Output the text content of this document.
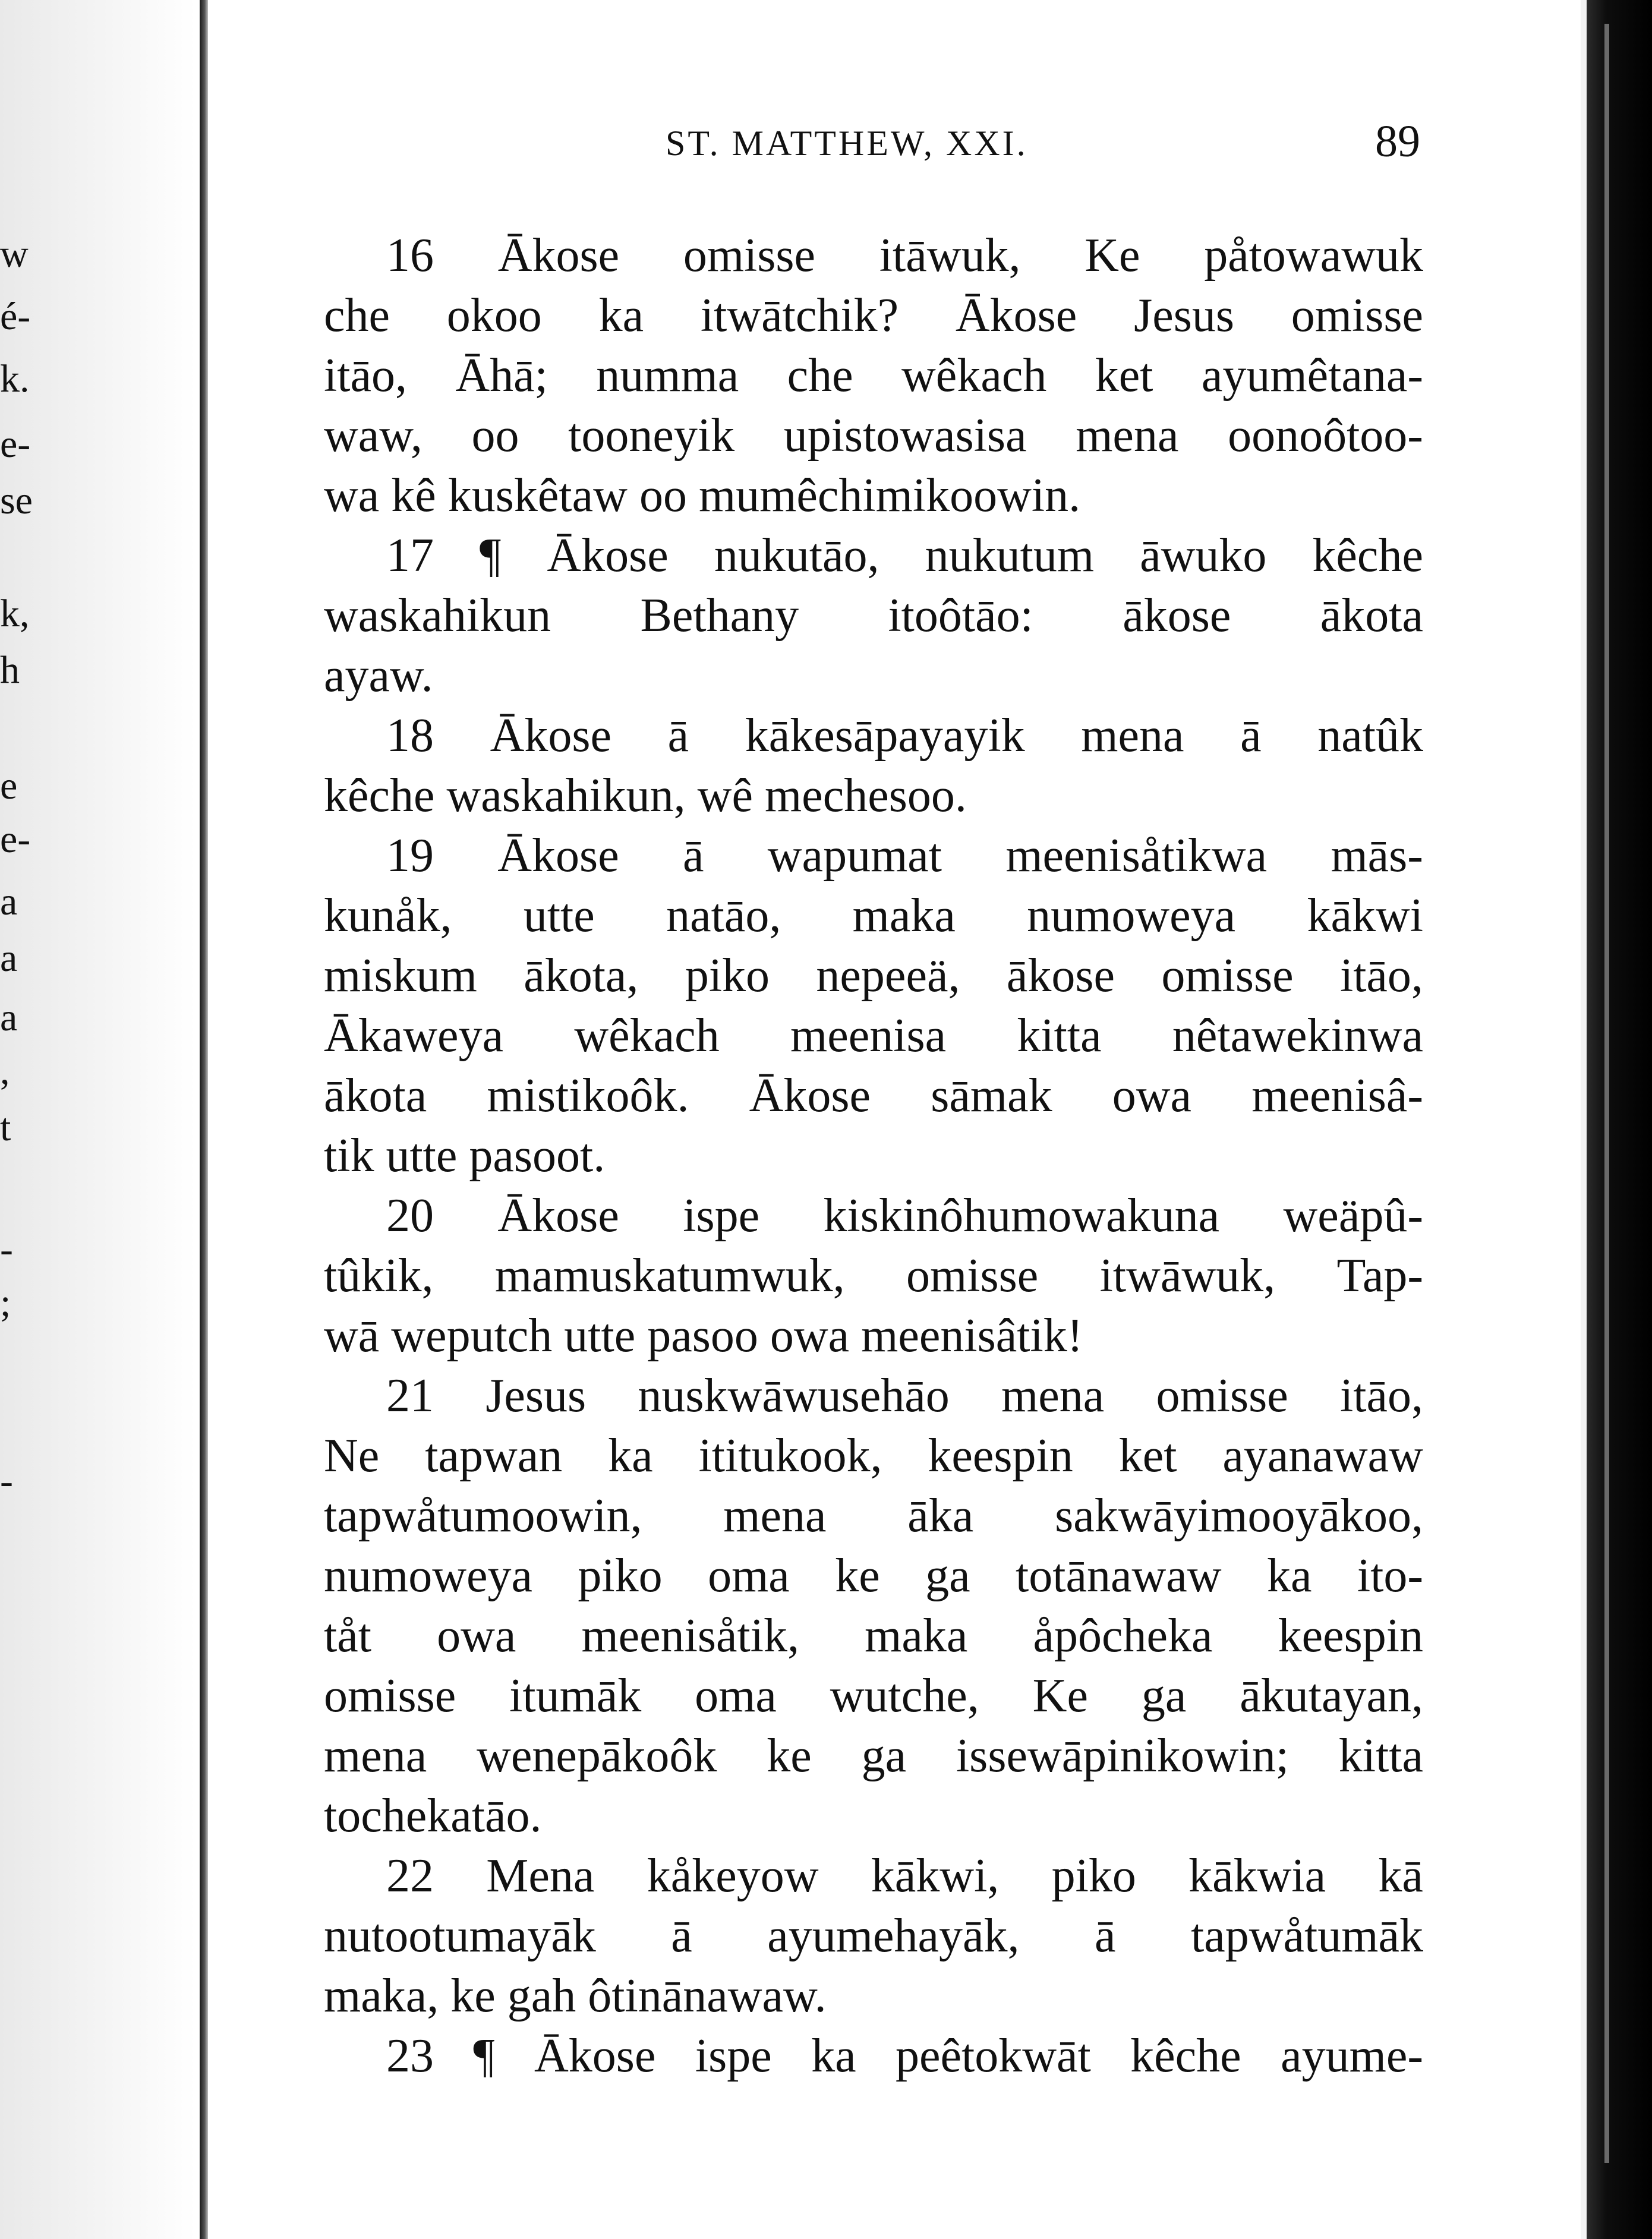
w
é-
k.
e-
se
k,
h
e
e-
a
a
a
,
t
-
;
-
ST. MATTHEW, XXI.	89
16 Ākose omisse itāwuk, Ke påtowawuk
che okoo ka itwātchik? Ākose Jesus omisse
itāo, Āhā; numma che wêkach ket ayumêtana-
waw, oo tooneyik upistowasisa mena oonoôtoo-
wa kê kuskêtaw oo mumêchimikoowin.
17 ¶ Ākose nukutāo, nukutum āwuko kêche
waskahikun Bethany itoôtāo: ākose ākota
ayaw.
18 Ākose ā kākesāpayayik mena ā natûk
kêche waskahikun, wê mechesoo.
19 Ākose ā wapumat meenisåtikwa mās-
kunåk, utte natāo, maka numoweya kākwi
miskum ākota, piko nepeeä, ākose omisse itāo,
Ākaweya wêkach meenisa kitta nêtawekinwa
ākota mistikoôk. Ākose sāmak owa meenisâ-
tik utte pasoot.
20 Ākose ispe kiskinôhumowakuna weäpû-
tûkik, mamuskatumwuk, omisse itwāwuk, Tap-
wā weputch utte pasoo owa meenisâtik!
21 Jesus nuskwāwusehāo mena omisse itāo,
Ne tapwan ka ititukook, keespin ket ayanawaw
tapwåtumoowin, mena āka sakwāyimooyākoo,
numoweya piko oma ke ga totānawaw ka ito-
tåt owa meenisåtik, maka åpôcheka keespin
omisse itumāk oma wutche, Ke ga ākutayan,
mena wenepākoôk ke ga issewāpinikowin; kitta
tochekatāo.
22 Mena kåkeyow kākwi, piko kākwia kā
nutootumayāk ā ayumehayāk, ā tapwåtumāk
maka, ke gah ôtinānawaw.
23 ¶ Ākose ispe ka peêtokwāt kêche ayume-
